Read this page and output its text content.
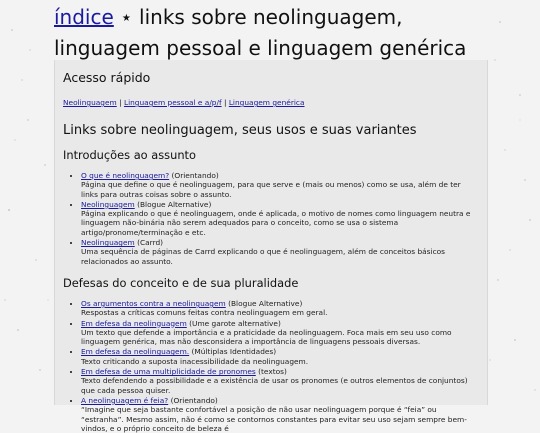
índice ⋆ links sobre neolinguagem, linguagem pessoal e linguagem genérica
Acesso rápido
Neolinguagem | Linguagem pessoal e a/p/f | Linguagem genérica
Links sobre neolinguagem, seus usos e suas variantes
Introduções ao assunto
• O que é neolinguagem? (Orientando)
Página que define o que é neolinguagem, para que serve e (mais ou menos) como se usa, além de ter links para outras coisas sobre o assunto.
• Neolinguagem (Blogue Alternative)
Página explicando o que é neolinguagem, onde é aplicada, o motivo de nomes como linguagem neutra e linguagem não-binária não serem adequados para o conceito, como se usa o sistema artigo/pronome/terminação e etc.
• Neolinguagem (Carrd)
Uma sequência de páginas de Carrd explicando o que é neolinguagem, além de conceitos básicos relacionados ao assunto.
Defesas do conceito e de sua pluralidade
• Os argumentos contra a neolinguagem (Blogue Alternative)
Respostas a críticas comuns feitas contra neolinguagem em geral.
• Em defesa da neolinguagem (Ume garote alternative)
Um texto que defende a importância e a praticidade da neolinguagem. Foca mais em seu uso como linguagem genérica, mas não desconsidera a importância de linguagens pessoais diversas.
• Em defesa da neolinguagem. (Múltiplas Identidades)
Texto criticando a suposta inacessibilidade da neolinguagem.
• Em defesa de uma multiplicidade de pronomes (textos)
Texto defendendo a possibilidade e a existência de usar os pronomes (e outros elementos de conjuntos) que cada pessoa quiser.
• A neolinguagem é feia? (Orientando)
“Imagine que seja bastante confortável a posição de não usar neolinguagem porque é “feia” ou “estranha”. Mesmo assim, não é como se contornos constantes para evitar seu uso sejam sempre bem-vindos, e o próprio conceito de beleza é
